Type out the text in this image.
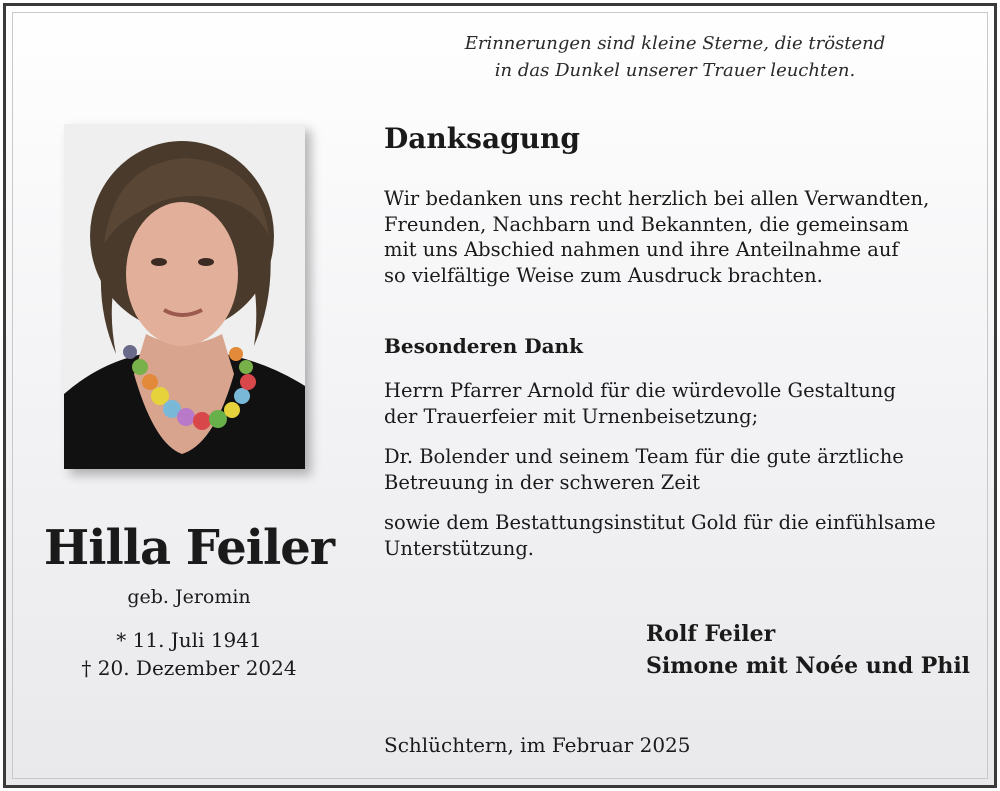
Erinnerungen sind kleine Sterne, die tröstend
in das Dunkel unserer Trauer leuchten.
Hilla Feiler
geb. Jeromin
* 11. Juli 1941
† 20. Dezember 2024
Danksagung
Wir bedanken uns recht herzlich bei allen Verwandten,
Freunden, Nachbarn und Bekannten, die gemeinsam
mit uns Abschied nahmen und ihre Anteilnahme auf
so vielfältige Weise zum Ausdruck brachten.
Besonderen Dank
Herrn Pfarrer Arnold für die würdevolle Gestaltung
der Trauerfeier mit Urnenbeisetzung;
Dr. Bolender und seinem Team für die gute ärztliche
Betreuung in der schweren Zeit
sowie dem Bestattungsinstitut Gold für die einfühlsame
Unterstützung.
Rolf Feiler
Simone mit Noée und Phil
Schlüchtern, im Februar 2025
